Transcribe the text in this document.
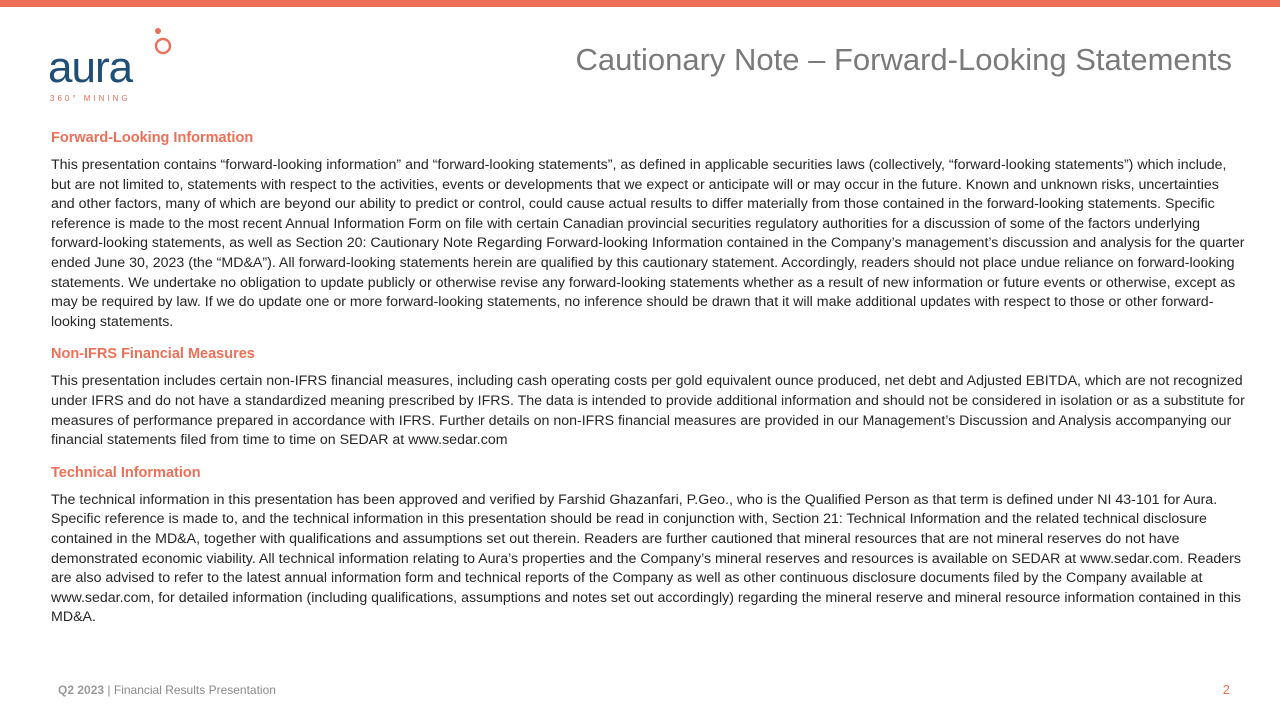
aura
360° MINING
Cautionary Note – Forward-Looking Statements
Forward-Looking Information
This presentation contains “forward-looking information” and “forward-looking statements”, as defined in applicable securities laws (collectively, “forward-looking statements”) which include, but are not limited to, statements with respect to the activities, events or developments that we expect or anticipate will or may occur in the future. Known and unknown risks, uncertainties and other factors, many of which are beyond our ability to predict or control, could cause actual results to differ materially from those contained in the forward-looking statements. Specific reference is made to the most recent Annual Information Form on file with certain Canadian provincial securities regulatory authorities for a discussion of some of the factors underlying forward-looking statements, as well as Section 20: Cautionary Note Regarding Forward-looking Information contained in the Company’s management’s discussion and analysis for the quarter ended June 30, 2023 (the “MD&A”). All forward-looking statements herein are qualified by this cautionary statement. Accordingly, readers should not place undue reliance on forward-looking statements. We undertake no obligation to update publicly or otherwise revise any forward-looking statements whether as a result of new information or future events or otherwise, except as may be required by law. If we do update one or more forward-looking statements, no inference should be drawn that it will make additional updates with respect to those or other forward-looking statements.
Non-IFRS Financial Measures
This presentation includes certain non-IFRS financial measures, including cash operating costs per gold equivalent ounce produced, net debt and Adjusted EBITDA, which are not recognized under IFRS and do not have a standardized meaning prescribed by IFRS. The data is intended to provide additional information and should not be considered in isolation or as a substitute for measures of performance prepared in accordance with IFRS. Further details on non-IFRS financial measures are provided in our Management’s Discussion and Analysis accompanying our financial statements filed from time to time on SEDAR at www.sedar.com
Technical Information
The technical information in this presentation has been approved and verified by Farshid Ghazanfari, P.Geo., who is the Qualified Person as that term is defined under NI 43-101 for Aura. Specific reference is made to, and the technical information in this presentation should be read in conjunction with, Section 21: Technical Information and the related technical disclosure contained in the MD&A, together with qualifications and assumptions set out therein. Readers are further cautioned that mineral resources that are not mineral reserves do not have demonstrated economic viability. All technical information relating to Aura’s properties and the Company’s mineral reserves and resources is available on SEDAR at www.sedar.com. Readers are also advised to refer to the latest annual information form and technical reports of the Company as well as other continuous disclosure documents filed by the Company available at www.sedar.com, for detailed information (including qualifications, assumptions and notes set out accordingly) regarding the mineral reserve and mineral resource information contained in this MD&A.
Q2 2023 | Financial Results Presentation	2
